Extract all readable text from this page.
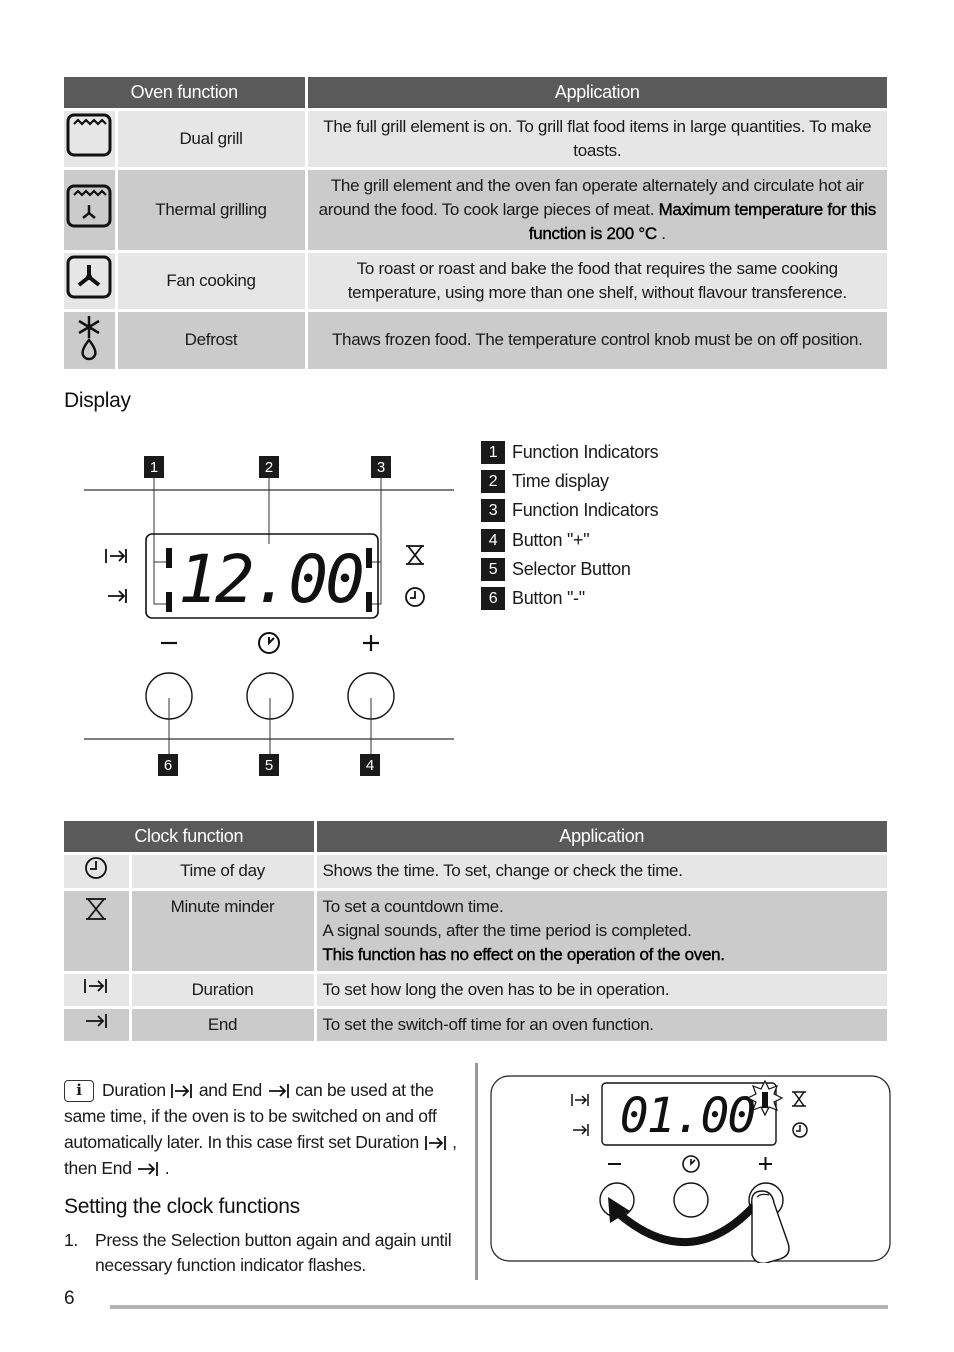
Oven function		Application
	Dual grill	The full grill element is on. To grill flat food items in large quantities. To make toasts.
	Thermal grilling	The grill element and the oven fan operate alternately and circulate hot air around the food. To cook large pieces of meat. Maximum temperature for this function is 200 °C .
	Fan cooking	To roast or roast and bake the food that requires the same cooking temperature, using more than one shelf, without flavour transference.
	Defrost	Thaws frozen food. The temperature control knob must be on off position.
Display
1	2	3
12.00
6	5	4
1 Function Indicators
2 Time display
3 Function Indicators
4 Button "+"
5 Selector Button
6 Button "-"
Clock function		Application
	Time of day	Shows the time. To set, change or check the time.
	Minute minder	To set a countdown time.
A signal sounds, after the time period is completed.
This function has no effect on the operation of the oven.

	Duration	To set how long the oven has to be in operation.
	End	To set the switch-off time for an oven function.
i Duration  and End  can be used at the same time, if the oven is to be switched on and off automatically later. In this case first set Duration  , then End  .
Setting the clock functions
1. Press the Selection button again and again until necessary function indicator flashes.
01.00
6
